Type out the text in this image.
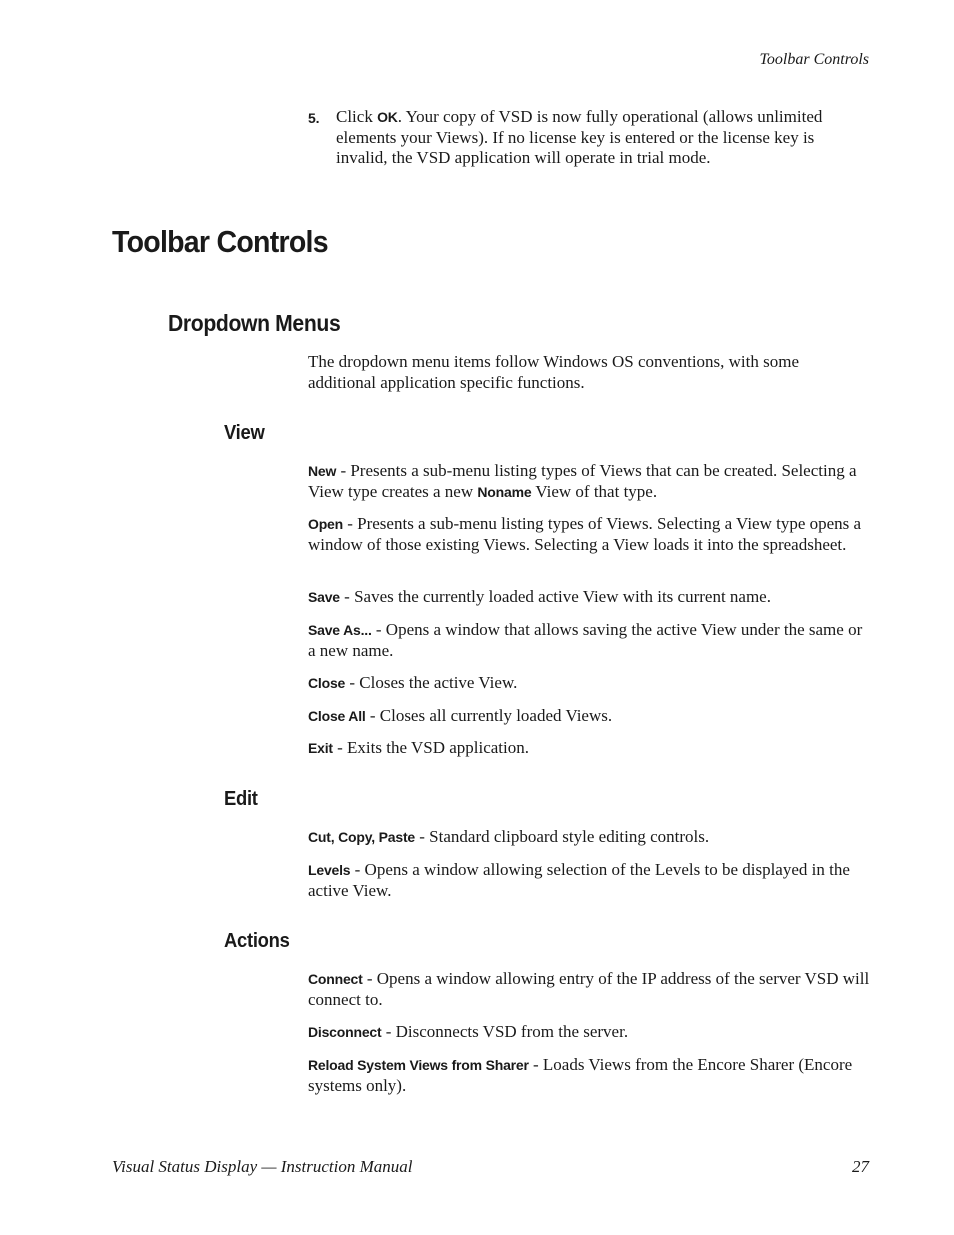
Toolbar Controls
5. Click OK. Your copy of VSD is now fully operational (allows unlimited elements your Views). If no license key is entered or the license key is invalid, the VSD application will operate in trial mode.
Toolbar Controls
Dropdown Menus

The dropdown menu items follow Windows OS conventions, with some additional application specific functions.

View

New - Presents a sub-menu listing types of Views that can be created. Selecting a View type creates a new Noname View of that type.

Open - Presents a sub-menu listing types of Views. Selecting a View type opens a window of those existing Views. Selecting a View loads it into the spreadsheet.

Save - Saves the currently loaded active View with its current name.

Save As... - Opens a window that allows saving the active View under the same or a new name.

Close - Closes the active View.

Close All - Closes all currently loaded Views.

Exit - Exits the VSD application.

Edit

Cut, Copy, Paste - Standard clipboard style editing controls.

Levels - Opens a window allowing selection of the Levels to be displayed in the active View.

Actions

Connect - Opens a window allowing entry of the IP address of the server VSD will connect to.

Disconnect - Disconnects VSD from the server.

Reload System Views from Sharer - Loads Views from the Encore Sharer (Encore systems only).

Visual Status Display — Instruction Manual	27
